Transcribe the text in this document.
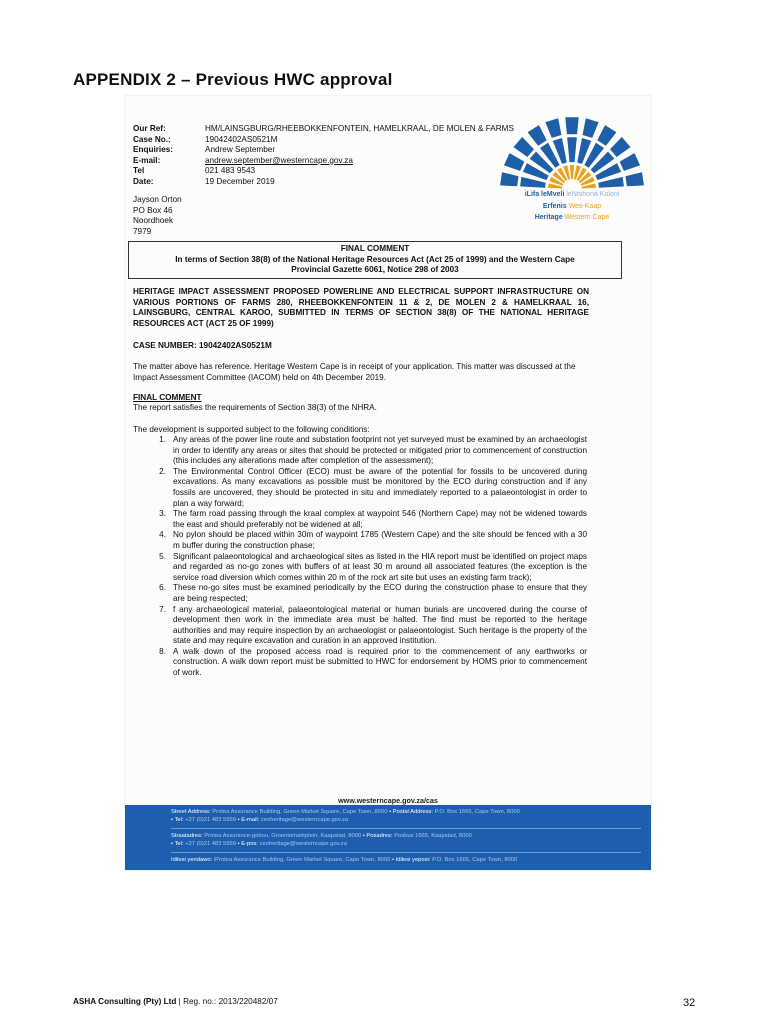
APPENDIX 2 – Previous HWC approval
Our Ref:	HM/LAINSGBURG/RHEEBOKKENFONTEIN, HAMELKRAAL, DE MOLEN & FARMS
Case No.:	19042402AS0521M
Enquiries:	Andrew September
E-mail:	andrew.september@westerncape.gov.za
Tel	021 483 9543
Date:	19 December 2019
Jayson Orton
PO Box 46
Noordhoek
7979
iLifa leMveli leNtshona Koloni
Erfenis Wes-Kaap
Heritage Western Cape
FINAL COMMENT
In terms of Section 38(8) of the National Heritage Resources Act (Act 25 of 1999) and the Western Cape
Provincial Gazette 6061, Notice 298 of 2003
HERITAGE IMPACT ASSESSMENT PROPOSED POWERLINE AND ELECTRICAL SUPPORT INFRASTRUCTURE ON VARIOUS PORTIONS OF FARMS 280, RHEEBOKKENFONTEIN 11 & 2, DE MOLEN 2 & HAMELKRAAL 16, LAINSGBURG, CENTRAL KAROO, SUBMITTED IN TERMS OF SECTION 38(8) OF THE NATIONAL HERITAGE RESOURCES ACT (ACT 25 OF 1999)
CASE NUMBER: 19042402AS0521M
The matter above has reference. Heritage Western Cape is in receipt of your application. This matter was discussed at the Impact Assessment Committee (IACOM) held on 4th December 2019.
FINAL COMMENT
The report satisfies the requirements of Section 38(3) of the NHRA.
The development is supported subject to the following conditions:
1. Any areas of the power line route and substation footprint not yet surveyed must be examined by an archaeologist in order to identify any areas or sites that should be protected or mitigated prior to commencement of construction (this includes any alterations made after completion of the assessment);
2. The Environmental Control Officer (ECO) must be aware of the potential for fossils to be uncovered during excavations. As many excavations as possible must be monitored by the ECO during construction and if any fossils are uncovered, they should be protected in situ and immediately reported to a palaeontologist in order to plan a way forward;
3. The farm road passing through the kraal complex at waypoint 546 (Northern Cape) may not be widened towards the east and should preferably not be widened at all;
4. No pylon should be placed within 30m of waypoint 1785 (Western Cape) and the site should be fenced with a 30 m buffer during the construction phase;
5. Significant palaeontological and archaeological sites as listed in the HIA report must be identified on project maps and regarded as no-go zones with buffers of at least 30 m around all associated features (the exception is the service road diversion which comes within 20 m of the rock art site but uses an existing farm track);
6. These no-go sites must be examined periodically by the ECO during the construction phase to ensure that they are being respected;
7. f any archaeological material, palaeontological material or human burials are uncovered during the course of development then work in the immediate area must be halted. The find must be reported to the heritage authorities and may require inspection by an archaeologist or palaeontologist. Such heritage is the property of the state and may require excavation and curation in an approved institution.
8. A walk down of the proposed access road is required prior to the commencement of any earthworks or construction. A walk down report must be submitted to HWC for endorsement by HOMS prior to commencement of work.
www.westerncape.gov.za/cas
Street Address: Protea Assurance Building, Green Market Square, Cape Town, 8000 • Postal Address: P.O. Box 1665, Cape Town, 8000
• Tel: +27 (0)21 483 5959 • E-mail: ceoheritage@westerncape.gov.za
Straatadres: Protea Assurance-gebou, Groentemarkplein, Kaapstad, 8000 • Posadres: Posbus 1665, Kaapstad, 8000
• Tel: +27 (0)21 483 5959 • E-pos: ceoheritage@westerncape.gov.za
Idilesi yendawo: iProtea Assurance Building, Green Market Square, Cape Town, 8000 • Idilesi yeposi: P.O. Box 1665, Cape Town, 8000
ASHA Consulting (Pty) Ltd | Reg. no.: 2013/220482/07	32
